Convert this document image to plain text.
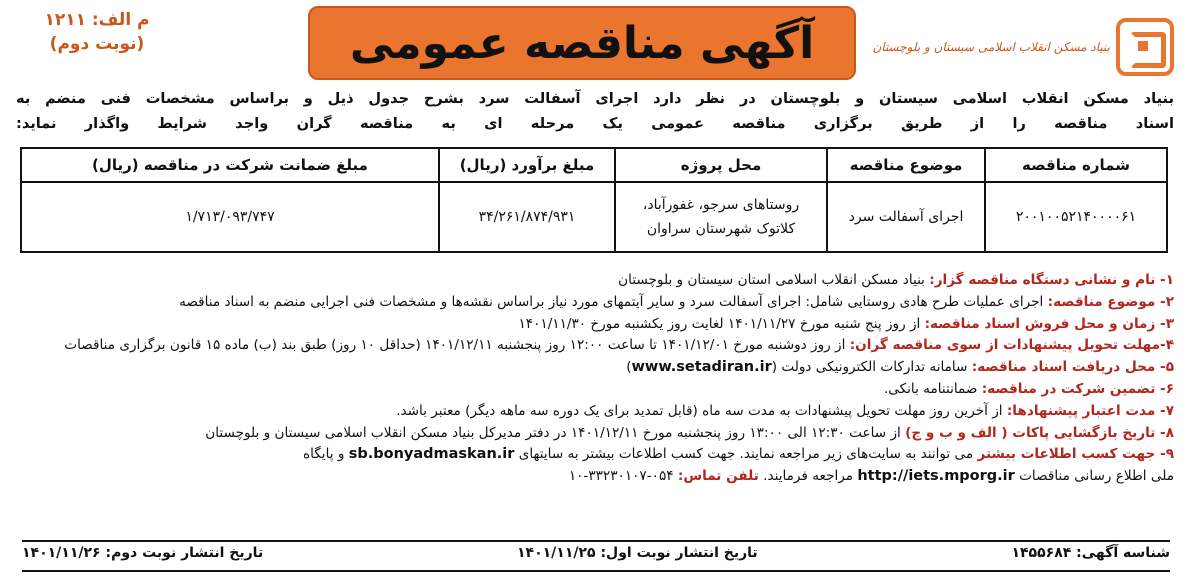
بنیاد مسکن انقلاب اسلامی سیستان و بلوچستان
آگهی مناقصه عمومی
م الف: ۱۲۱۱
(نوبت دوم)
بنیاد مسکن انقلاب اسلامی سیستان و بلوچستان در نظر دارد اجرای آسفالت سرد بشرح جدول ذیل و براساس مشخصات فنی منضم به
اسناد مناقصه را از طریق برگزاری مناقصه عمومی یک مرحله ای به مناقصه گران واجد شرایط واگذار نماید:
شماره مناقصه	موضوع مناقصه	محل پروژه	مبلغ برآورد (ریال)	مبلغ ضمانت شرکت در مناقصه (ریال)
۲۰۰۱۰۰۵۲۱۴۰۰۰۰۶۱	اجرای آسفالت سرد	روستاهای سرجو، غفورآباد،
کلاتوک شهرستان سراوان	۳۴/۲۶۱/۸۷۴/۹۳۱	۱/۷۱۳/۰۹۳/۷۴۷
۱- نام و نشانی دستگاه مناقصه گزار: بنیاد مسکن انقلاب اسلامی استان سیستان و بلوچستان
۲- موضوع مناقصه: اجرای عملیات طرح هادی روستایی شامل: اجرای آسفالت سرد و سایر آیتمهای مورد نیاز براساس نقشه‌ها و مشخصات فنی اجرایی منضم به اسناد مناقصه
۳- زمان و محل فروش اسناد مناقصه: از روز پنج شنبه مورخ ۱۴۰۱/۱۱/۲۷ لغایت روز یکشنبه مورخ ۱۴۰۱/۱۱/۳۰
۴-مهلت تحویل پیشنهادات از سوی مناقصه گران: از روز دوشنبه مورخ ۱۴۰۱/۱۲/۰۱ تا ساعت ۱۲:۰۰ روز پنجشنبه ۱۴۰۱/۱۲/۱۱ (حداقل ۱۰ روز) طبق بند (ب) ماده ۱۵ قانون برگزاری مناقصات
۵- محل دریافت اسناد مناقصه: سامانه تدارکات الکترونیکی دولت (www.setadiran.ir)
۶- تضمین شرکت در مناقصه: ضمانتنامه بانکی.
۷- مدت اعتبار پیشنهادها: از آخرین روز مهلت تحویل پیشنهادات به مدت سه ماه (قابل تمدید برای یک دوره سه ماهه دیگر) معتبر باشد.
۸- تاریخ بازگشایی پاکات ( الف و ب و ج) از ساعت ۱۲:۳۰ الی ۱۳:۰۰ روز پنجشنبه مورخ ۱۴۰۱/۱۲/۱۱ در دفتر مدیرکل بنیاد مسکن انقلاب اسلامی سیستان و بلوچستان
۹- جهت کسب اطلاعات بیشتر می توانند به سایت‌های زیر مراجعه نمایند. جهت کسب اطلاعات بیشتر به سایتهای sb.bonyadmaskan.ir و پایگاه
ملی اطلاع رسانی مناقصات http://iets.mporg.ir مراجعه فرمایند. تلفن تماس: ۰۵۴-۳۳۲۳۰۱۰۷-۱۰
شناسه آگهی: ۱۴۵۵۶۸۴
تاریخ انتشار نوبت اول: ۱۴۰۱/۱۱/۲۵
تاریخ انتشار نوبت دوم: ۱۴۰۱/۱۱/۲۶
